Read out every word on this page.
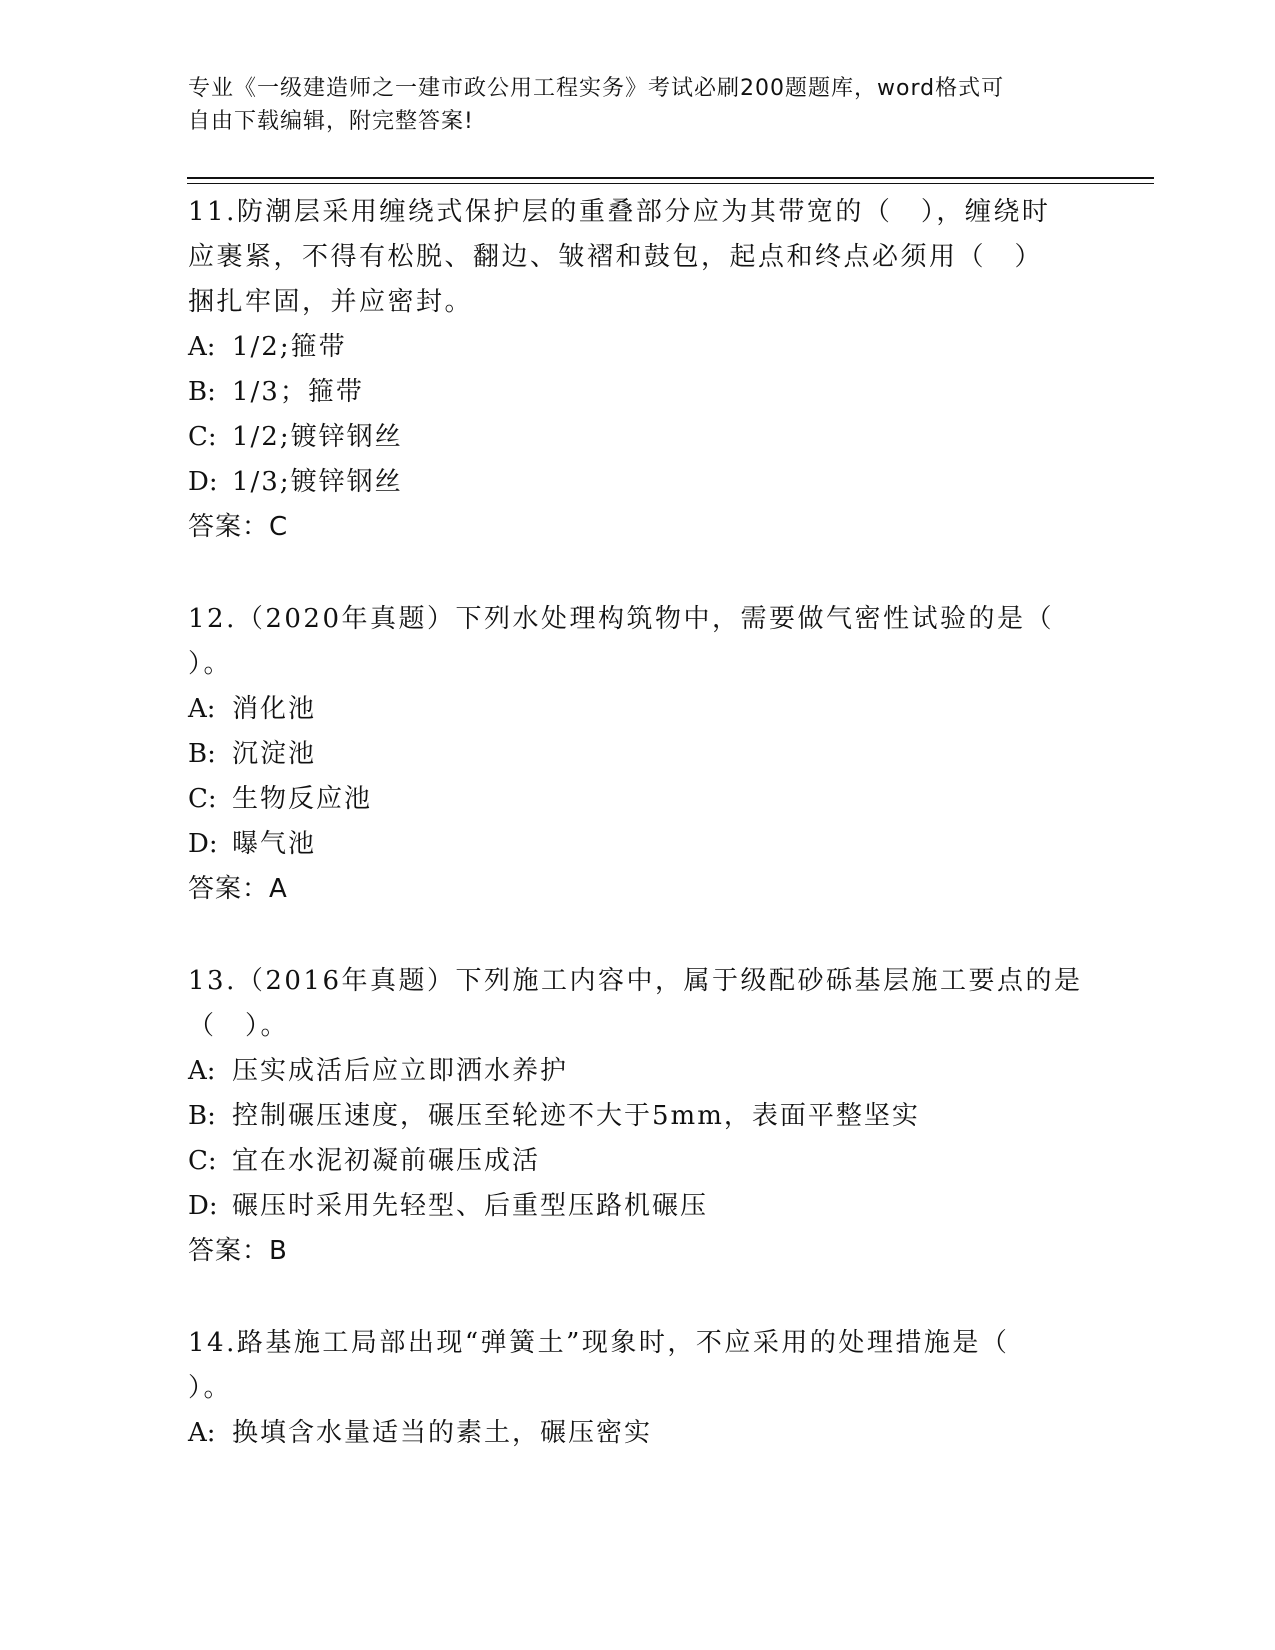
专业《一级建造师之一建市政公用工程实务》考试必刷200题题库，word格式可
自由下载编辑，附完整答案!
11.防潮层采用缠绕式保护层的重叠部分应为其带宽的（　），缠绕时
应裹紧，不得有松脱、翻边、皱褶和鼓包，起点和终点必须用（　）
捆扎牢固，并应密封。
A: 1/2;箍带
B: 1/3；箍带
C: 1/2;镀锌钢丝
D: 1/3;镀锌钢丝
答案：C
12.（2020年真题）下列水处理构筑物中，需要做气密性试验的是（
）。
A: 消化池
B: 沉淀池
C: 生物反应池
D: 曝气池
答案：A
13.（2016年真题）下列施工内容中，属于级配砂砾基层施工要点的是
（　）。
A: 压实成活后应立即洒水养护
B: 控制碾压速度，碾压至轮迹不大于5mm，表面平整坚实
C: 宜在水泥初凝前碾压成活
D: 碾压时采用先轻型、后重型压路机碾压
答案：B
14.路基施工局部出现“弹簧土”现象时，不应采用的处理措施是（
）。
A: 换填含水量适当的素土，碾压密实
